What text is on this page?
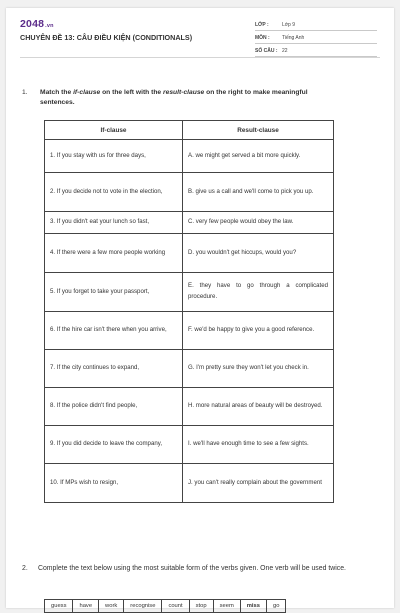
2048.vn
CHUYÊN ĐỀ 13: CÂU ĐIỀU KIỆN (CONDITIONALS)
LỚP :	Lớp 9
MÔN : Tiếng Anh
SỐ CÂU : 22
1. Match the if-clause on the left with the result-clause on the right to make meaningful sentences.
If-clause	Result-clause
1. If you stay with us for three days,	A. we might get served a bit more quickly.
2. If you decide not to vote in the election,	B. give us a call and we'll come to pick you up.
3. If you didn't eat your lunch so fast,	C. very few people would obey the law.
4. If there were a few more people working	D. you wouldn't get hiccups, would you?
5. If you forget to take your passport,	E. they have to go through a complicated procedure.
6. If the hire car isn't there when you arrive,	F. we'd be happy to give you a good reference.
7. If the city continues to expand,	G. I'm pretty sure they won't let you check in.
8. If the police didn't find people,	H. more natural areas of beauty will be destroyed.
9. If you did decide to leave the company,	I. we'll have enough time to see a few sights.
10. If MPs wish to resign,	J. you can't really complain about the government
2. Complete the text below using the most suitable form of the verbs given. One verb will be used twice.
guess	have	work	recognise	count	stop	seem	miss	go
